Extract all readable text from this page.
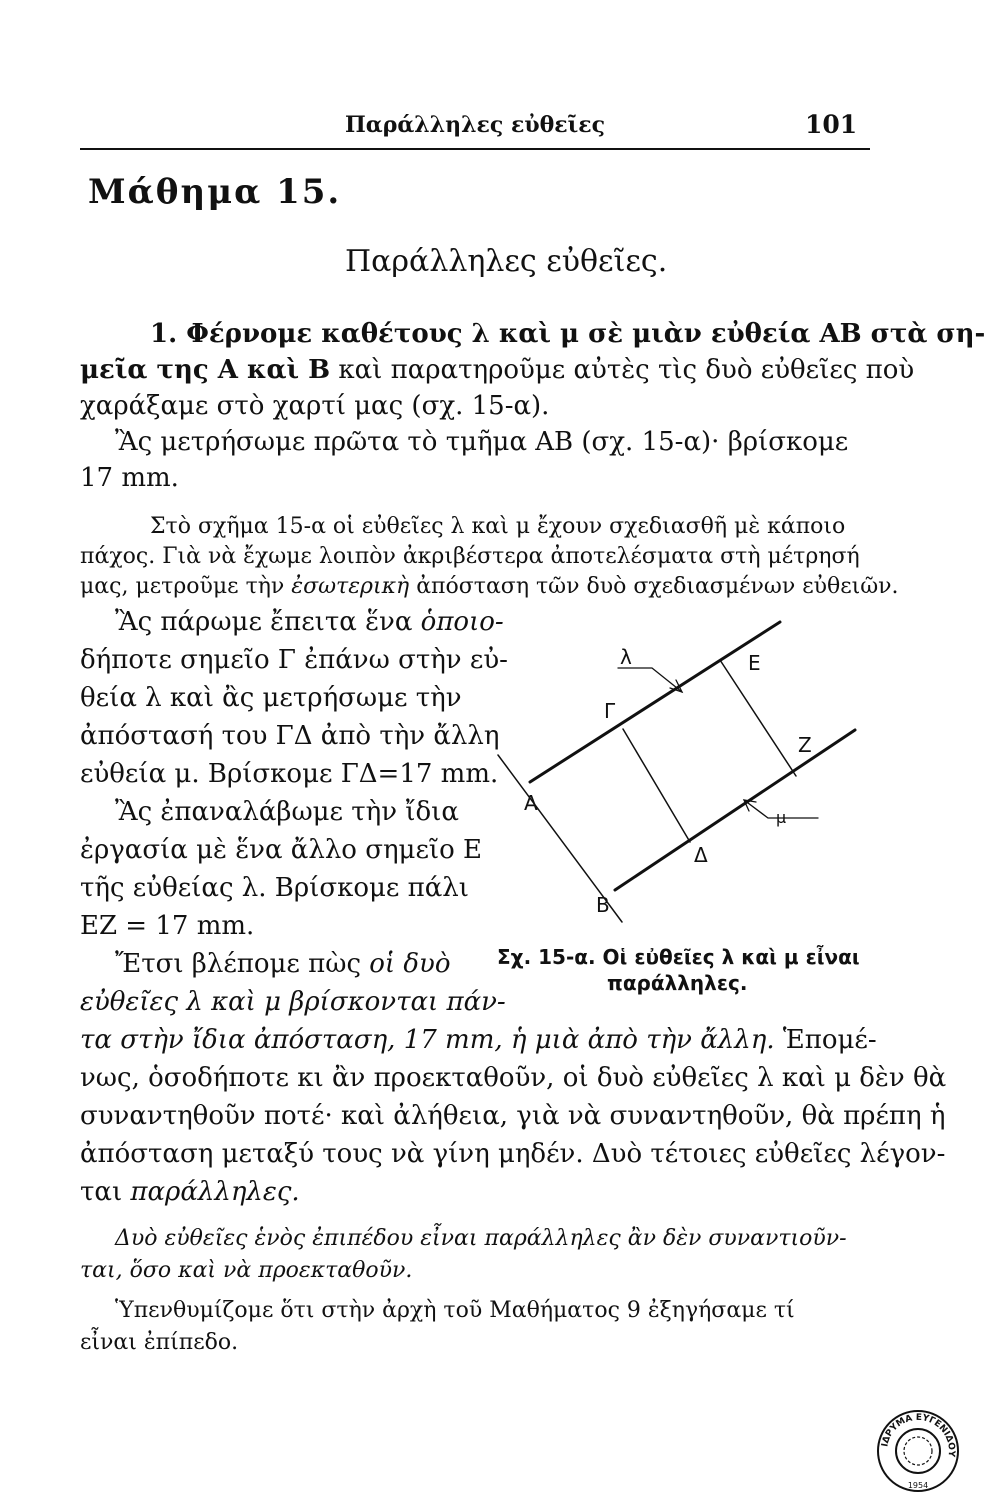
Παράλληλες εὐθεῖες	101
Μάθημα 15.
Παράλληλες εὐθεῖες.
1. Φέρνομε καθέτους λ καὶ μ σὲ μιὰν εὐθεία ΑΒ στὰ ση-
μεῖα της Α καὶ Β καὶ παρατηροῦμε αὐτὲς τὶς δυὸ εὐθεῖες ποὺ
χαράξαμε στὸ χαρτί μας (σχ. 15-α).
Ἂς μετρήσωμε πρῶτα τὸ τμῆμα ΑΒ (σχ. 15-α)· βρίσκομε
17 mm.
Στὸ σχῆμα 15-α οἱ εὐθεῖες λ καὶ μ ἔχουν σχεδιασθῆ μὲ κάποιο
πάχος. Γιὰ νὰ ἔχωμε λοιπὸν ἀκριβέστερα ἀποτελέσματα στὴ μέτρησή
μας, μετροῦμε τὴν ἐσωτερικὴ ἀπόσταση τῶν δυὸ σχεδιασμένων εὐθειῶν.
Ἂς πάρωμε ἔπειτα ἕνα ὁποιο-
δήποτε σημεῖο Γ ἐπάνω στὴν εὐ-
θεία λ καὶ ἂς μετρήσωμε τὴν
ἀπόστασή του ΓΔ ἀπὸ τὴν ἄλλη
εὐθεία μ. Βρίσκομε ΓΔ=17 mm.
Ἂς ἐπαναλάβωμε τὴν ἴδια
ἐργασία μὲ ἕνα ἄλλο σημεῖο Ε
τῆς εὐθείας λ. Βρίσκομε πάλι
ΕΖ = 17 mm.
Ἔτσι βλέπομε πὼς οἱ δυὸ
εὐθεῖες λ καὶ μ βρίσκονται πάν-
λ
μ
Α
Β
Γ
Δ
Ε
Ζ
Σχ. 15-α. Οἱ εὐθεῖες λ καὶ μ εἶναι
παράλληλες.
τα στὴν ἴδια ἀπόσταση, 17 mm, ἡ μιὰ ἀπὸ τὴν ἄλλη. Ἑπομέ-
νως, ὁσοδήποτε κι ἂν προεκταθοῦν, οἱ δυὸ εὐθεῖες λ καὶ μ δὲν θὰ
συναντηθοῦν ποτέ· καὶ ἀλήθεια, γιὰ νὰ συναντηθοῦν, θὰ πρέπη ἡ
ἀπόσταση μεταξύ τους νὰ γίνη μηδέν. Δυὸ τέτοιες εὐθεῖες λέγον-
ται παράλληλες.
Δυὸ εὐθεῖες ἑνὸς ἐπιπέδου εἶναι παράλληλες ἂν δὲν συναντιοῦν-
ται, ὅσο καὶ νὰ προεκταθοῦν.
Ὑπενθυμίζομε ὅτι στὴν ἀρχὴ τοῦ Μαθήματος 9 ἐξηγήσαμε τί
εἶναι ἐπίπεδο.
ΙΔΡΥΜΑ ΕΥΓΕΝΙΔΟΥ
1954
